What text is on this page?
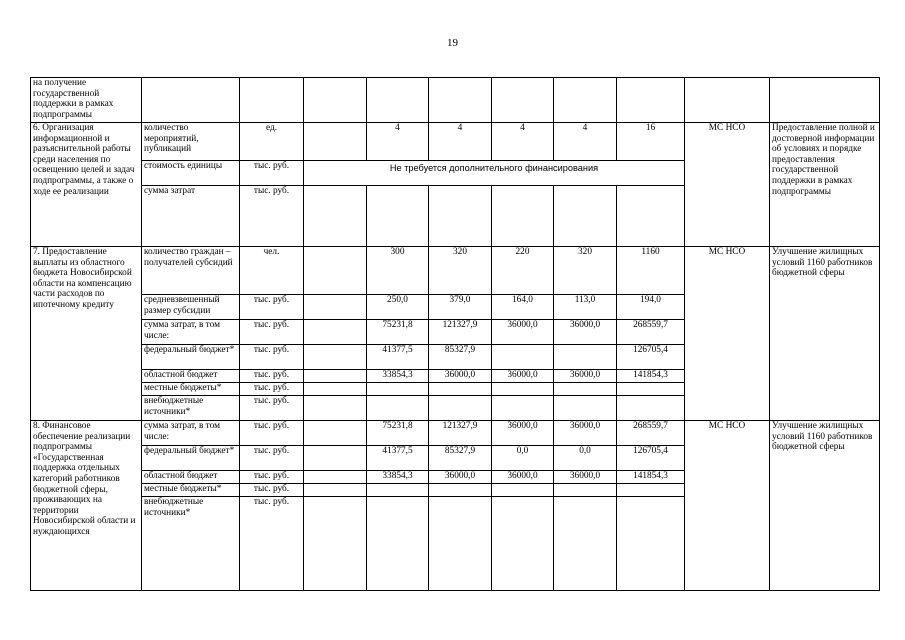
19
на получение государственной поддержки в рамках подпрограммы										
6. Организация информационной и разъяснительной работы среди населения по освещению целей и задач подпрограммы, а также о ходе ее реализации	количество мероприятий, публикаций	ед.		4	4	4	4	16	МС НСО	Предоставление полной и достоверной информации об условиях и порядке предоставления государственной поддержки в рамках подпрограммы
	стоимость единицы	тыс. руб.	Не требуется дополнительного финансирования							
	сумма затрат	тыс. руб.								
7. Предоставление выплаты из областного бюджета Новосибирской области на компенсацию части расходов по ипотечному кредиту	количество граждан – получателей субсидий	чел.		300	320	220	320	1160	МС НСО	Улучшение жилищных условий 1160 работников бюджетной сферы
	средневзвешенный размер субсидии	тыс. руб.		250,0	379,0	164,0	113,0	194,0		
	сумма затрат, в том числе:	тыс. руб.		75231,8	121327,9	36000,0	36000,0	268559,7		
	федеральный бюджет*	тыс. руб.		41377,5	85327,9			126705,4		
	областной бюджет	тыс. руб.		33854,3	36000,0	36000,0	36000,0	141854,3		
	местные бюджеты*	тыс. руб.								
	внебюджетные источники*	тыс. руб.								
8. Финансовое обеспечение реализации подпрограммы «Государственная поддержка отдельных категорий работников бюджетной сферы, проживающих на территории Новосибирской области и нуждающихся	сумма затрат, в том числе:	тыс. руб.		75231,8	121327,9	36000,0	36000,0	268559,7	МС НСО	Улучшение жилищных условий 1160 работников бюджетной сферы
	федеральный бюджет*	тыс. руб.		41377,5	85327,9	0,0	0,0	126705,4		
	областной бюджет	тыс. руб.		33854,3	36000,0	36000,0	36000,0	141854,3		
	местные бюджеты*	тыс. руб.								
	внебюджетные источники*	тыс. руб.								
